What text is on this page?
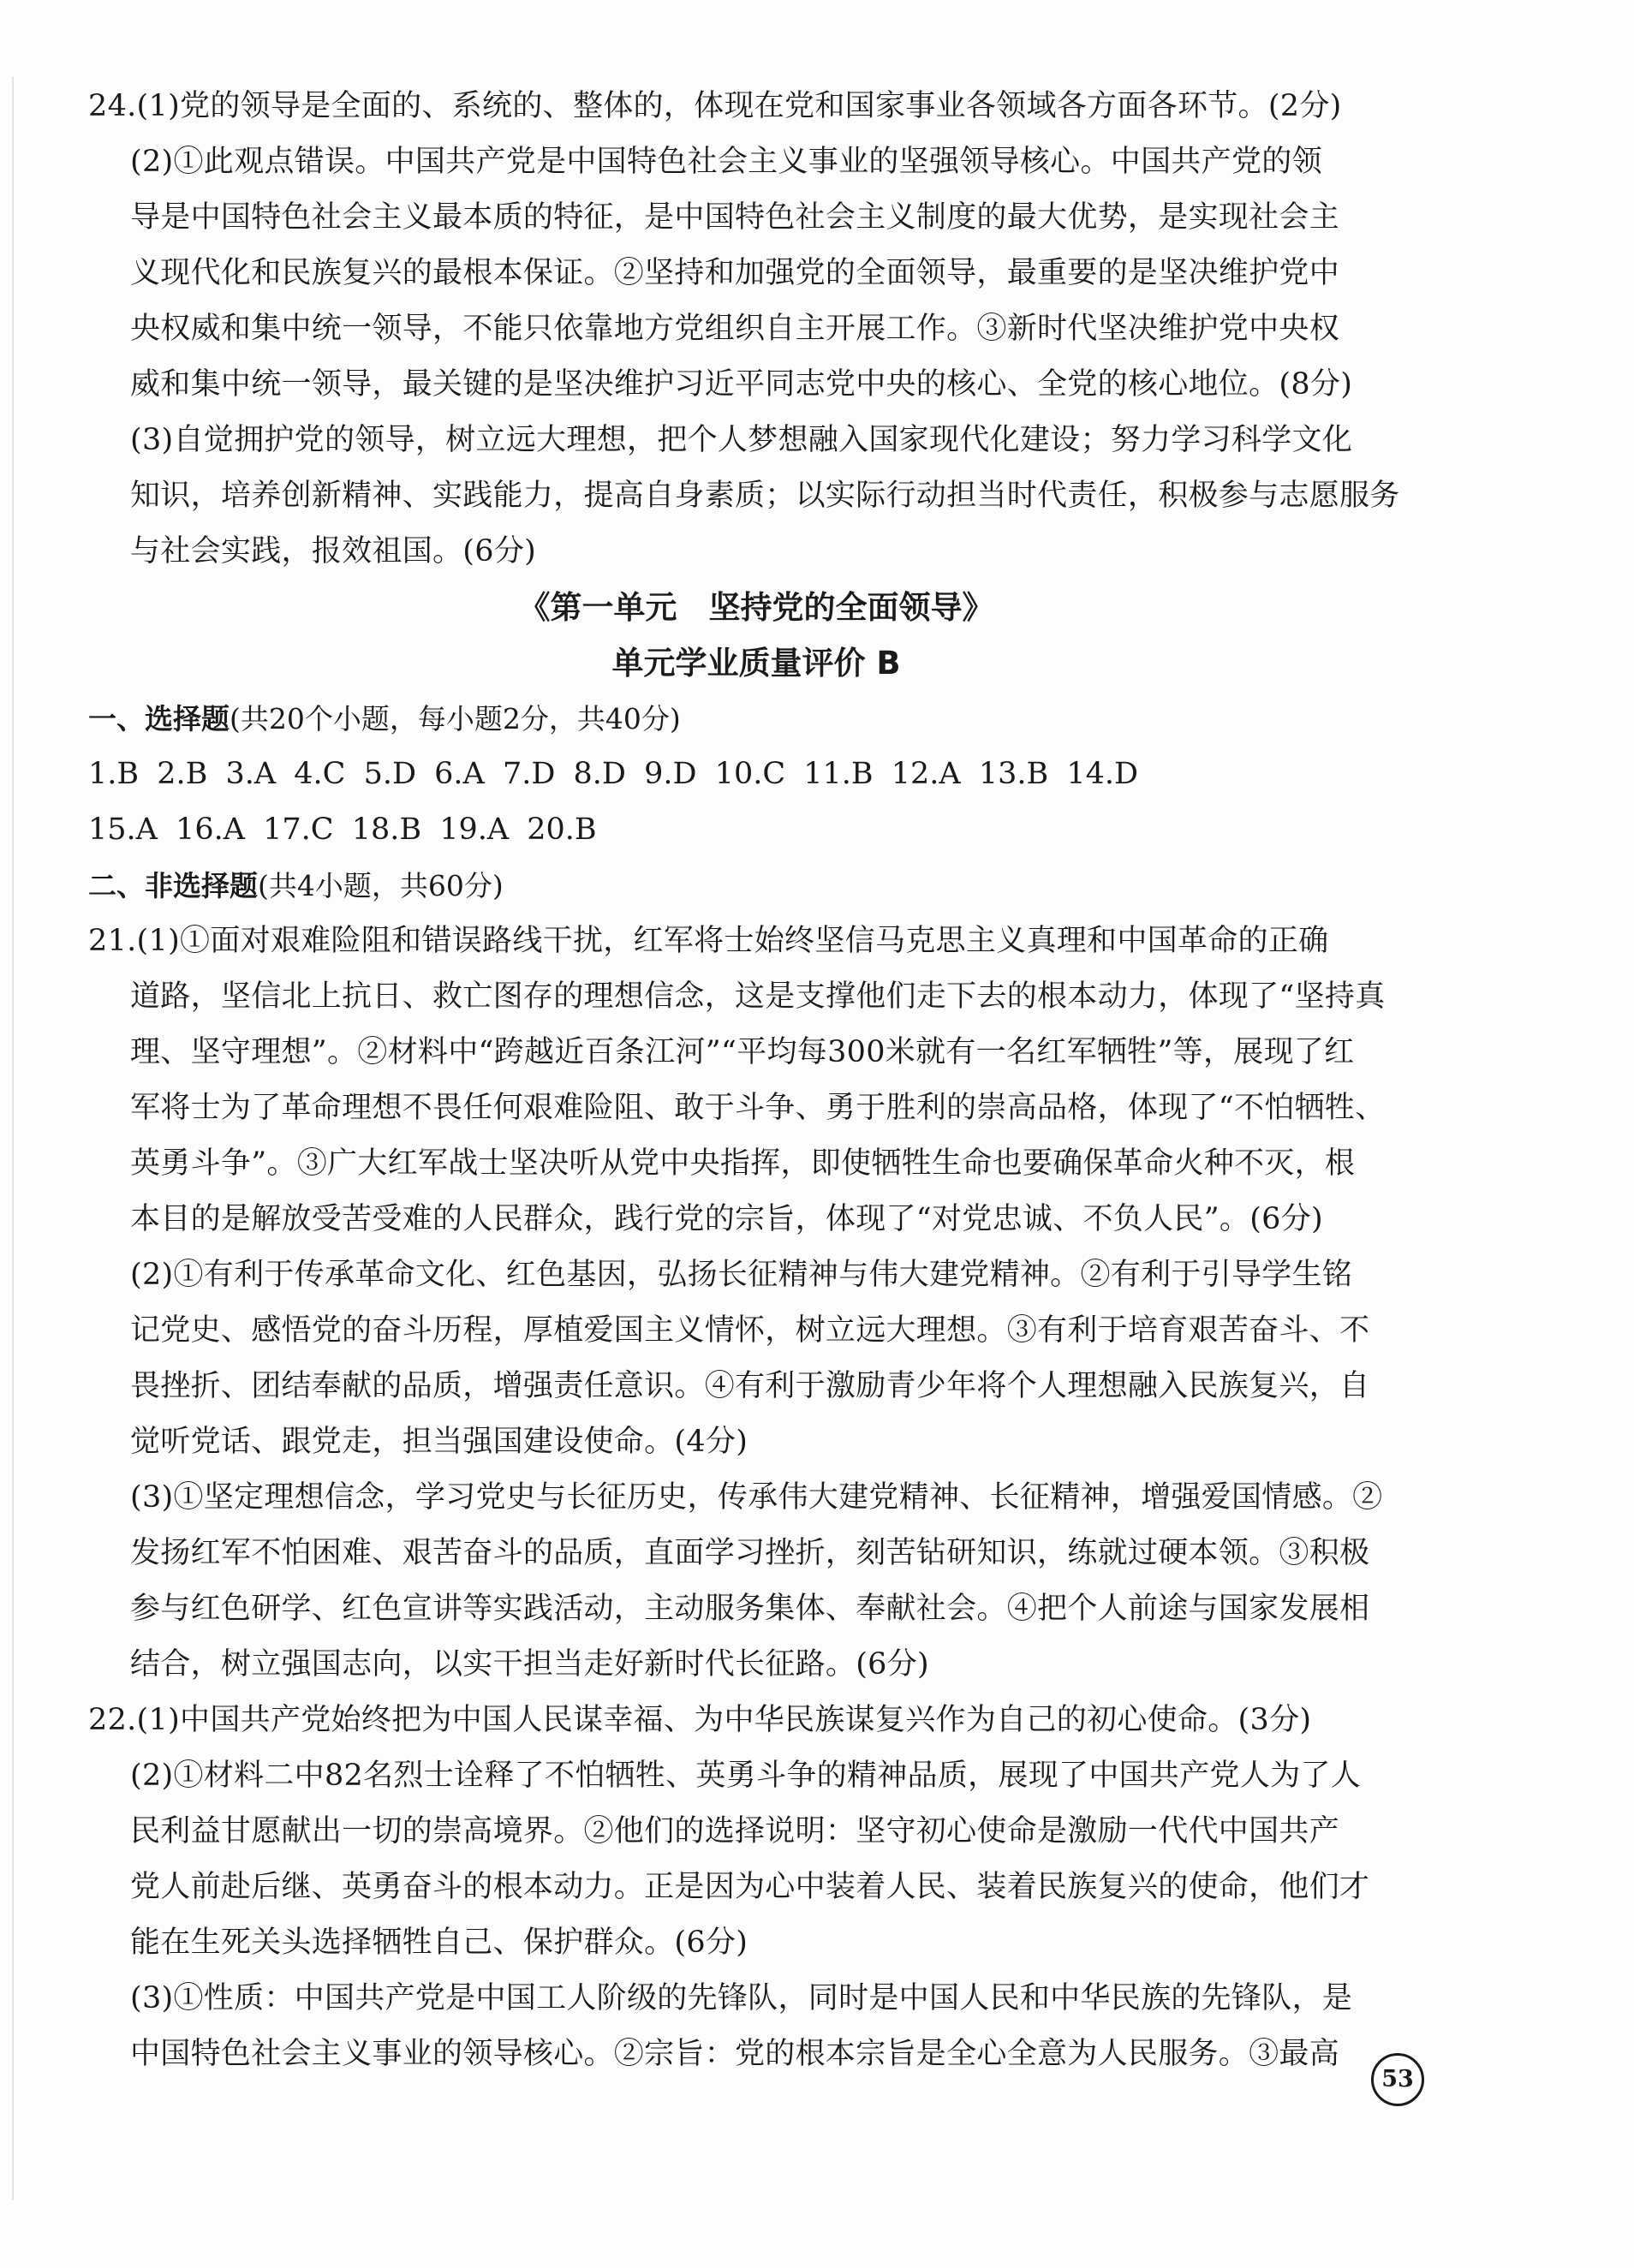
24.(1)党的领导是全面的、系统的、整体的，体现在党和国家事业各领域各方面各环节。(2分)
(2)①此观点错误。中国共产党是中国特色社会主义事业的坚强领导核心。中国共产党的领
导是中国特色社会主义最本质的特征，是中国特色社会主义制度的最大优势，是实现社会主
义现代化和民族复兴的最根本保证。②坚持和加强党的全面领导，最重要的是坚决维护党中
央权威和集中统一领导，不能只依靠地方党组织自主开展工作。③新时代坚决维护党中央权
威和集中统一领导，最关键的是坚决维护习近平同志党中央的核心、全党的核心地位。(8分)
(3)自觉拥护党的领导，树立远大理想，把个人梦想融入国家现代化建设；努力学习科学文化
知识，培养创新精神、实践能力，提高自身素质；以实际行动担当时代责任，积极参与志愿服务
与社会实践，报效祖国。(6分)
《第一单元　坚持党的全面领导》
单元学业质量评价 B
一、选择题(共20个小题，每小题2分，共40分)
1.B 2.B 3.A 4.C 5.D 6.A 7.D 8.D 9.D 10.C 11.B 12.A 13.B 14.D
15.A 16.A 17.C 18.B 19.A 20.B
二、非选择题(共4小题，共60分)
21.(1)①面对艰难险阻和错误路线干扰，红军将士始终坚信马克思主义真理和中国革命的正确
道路，坚信北上抗日、救亡图存的理想信念，这是支撑他们走下去的根本动力，体现了“坚持真
理、坚守理想”。②材料中“跨越近百条江河”“平均每300米就有一名红军牺牲”等，展现了红
军将士为了革命理想不畏任何艰难险阻、敢于斗争、勇于胜利的崇高品格，体现了“不怕牺牲、
英勇斗争”。③广大红军战士坚决听从党中央指挥，即使牺牲生命也要确保革命火种不灭，根
本目的是解放受苦受难的人民群众，践行党的宗旨，体现了“对党忠诚、不负人民”。(6分)
(2)①有利于传承革命文化、红色基因，弘扬长征精神与伟大建党精神。②有利于引导学生铭
记党史、感悟党的奋斗历程，厚植爱国主义情怀，树立远大理想。③有利于培育艰苦奋斗、不
畏挫折、团结奉献的品质，增强责任意识。④有利于激励青少年将个人理想融入民族复兴，自
觉听党话、跟党走，担当强国建设使命。(4分)
(3)①坚定理想信念，学习党史与长征历史，传承伟大建党精神、长征精神，增强爱国情感。②
发扬红军不怕困难、艰苦奋斗的品质，直面学习挫折，刻苦钻研知识，练就过硬本领。③积极
参与红色研学、红色宣讲等实践活动，主动服务集体、奉献社会。④把个人前途与国家发展相
结合，树立强国志向，以实干担当走好新时代长征路。(6分)
22.(1)中国共产党始终把为中国人民谋幸福、为中华民族谋复兴作为自己的初心使命。(3分)
(2)①材料二中82名烈士诠释了不怕牺牲、英勇斗争的精神品质，展现了中国共产党人为了人
民利益甘愿献出一切的崇高境界。②他们的选择说明：坚守初心使命是激励一代代中国共产
党人前赴后继、英勇奋斗的根本动力。正是因为心中装着人民、装着民族复兴的使命，他们才
能在生死关头选择牺牲自己、保护群众。(6分)
(3)①性质：中国共产党是中国工人阶级的先锋队，同时是中国人民和中华民族的先锋队，是
中国特色社会主义事业的领导核心。②宗旨：党的根本宗旨是全心全意为人民服务。③最高
53
